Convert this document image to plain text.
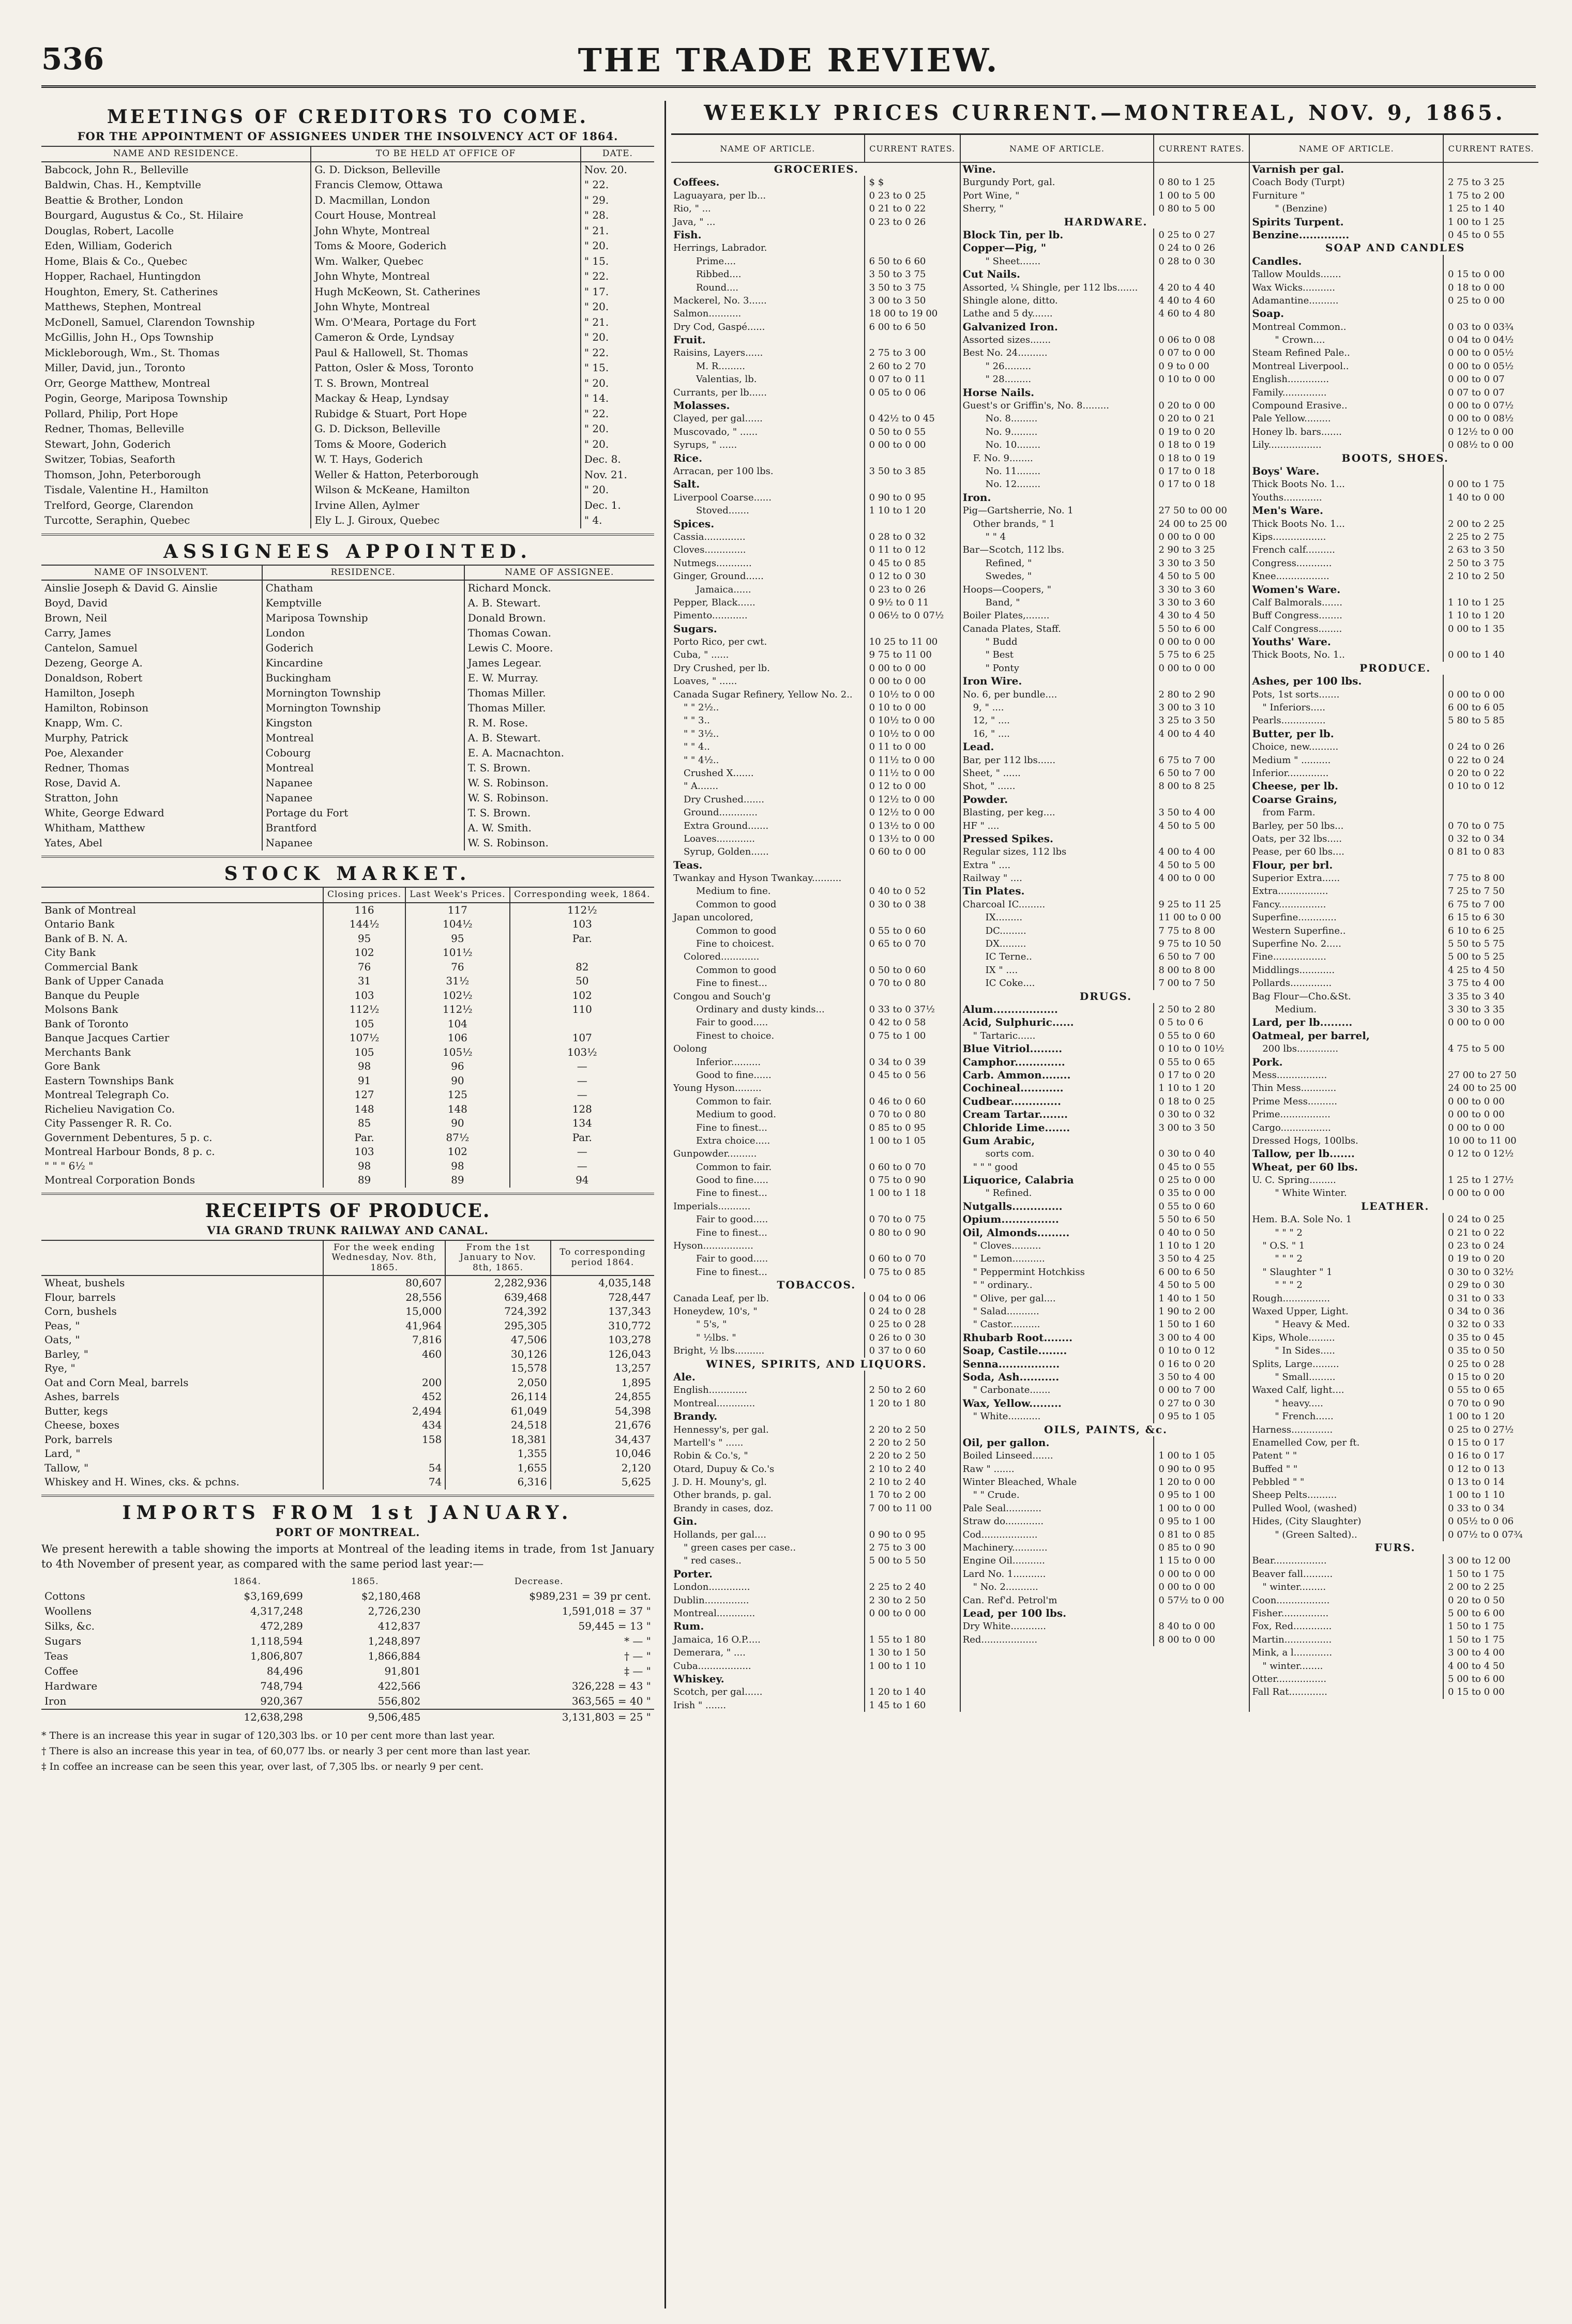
536	THE TRADE REVIEW.
MEETINGS OF CREDITORS TO COME.
FOR THE APPOINTMENT OF ASSIGNEES UNDER THE INSOLVENCY ACT OF 1864.
NAME AND RESIDENCE.	TO BE HELD AT OFFICE OF	DATE.
Babcock, John R., Belleville	G. D. Dickson, Belleville	Nov. 20.
Baldwin, Chas. H., Kemptville	Francis Clemow, Ottawa	" 22.
Beattie & Brother, London	D. Macmillan, London	" 29.
Bourgard, Augustus & Co., St. Hilaire	Court House, Montreal	" 28.
Douglas, Robert, Lacolle	John Whyte, Montreal	" 21.
Eden, William, Goderich	Toms & Moore, Goderich	" 20.
Home, Blais & Co., Quebec	Wm. Walker, Quebec	" 15.
Hopper, Rachael, Huntingdon	John Whyte, Montreal	" 22.
Houghton, Emery, St. Catherines	Hugh McKeown, St. Catherines	" 17.
Matthews, Stephen, Montreal	John Whyte, Montreal	" 20.
McDonell, Samuel, Clarendon Township	Wm. O'Meara, Portage du Fort	" 21.
McGillis, John H., Ops Township	Cameron & Orde, Lyndsay	" 20.
Mickleborough, Wm., St. Thomas	Paul & Hallowell, St. Thomas	" 22.
Miller, David, jun., Toronto	Patton, Osler & Moss, Toronto	" 15.
Orr, George Matthew, Montreal	T. S. Brown, Montreal	" 20.
Pogin, George, Mariposa Township	Mackay & Heap, Lyndsay	" 14.
Pollard, Philip, Port Hope	Rubidge & Stuart, Port Hope	" 22.
Redner, Thomas, Belleville	G. D. Dickson, Belleville	" 20.
Stewart, John, Goderich	Toms & Moore, Goderich	" 20.
Switzer, Tobias, Seaforth	W. T. Hays, Goderich	Dec. 8.
Thomson, John, Peterborough	Weller & Hatton, Peterborough	Nov. 21.
Tisdale, Valentine H., Hamilton	Wilson & McKeane, Hamilton	" 20.
Trelford, George, Clarendon	Irvine Allen, Aylmer	Dec. 1.
Turcotte, Seraphin, Quebec	Ely L. J. Giroux, Quebec	" 4.
ASSIGNEES APPOINTED.
NAME OF INSOLVENT.	RESIDENCE.	NAME OF ASSIGNEE.
Ainslie Joseph & David G. Ainslie	Chatham	Richard Monck.
Boyd, David	Kemptville	A. B. Stewart.
Brown, Neil	Mariposa Township	Donald Brown.
Carry, James	London	Thomas Cowan.
Cantelon, Samuel	Goderich	Lewis C. Moore.
Dezeng, George A.	Kincardine	James Legear.
Donaldson, Robert	Buckingham	E. W. Murray.
Hamilton, Joseph	Mornington Township	Thomas Miller.
Hamilton, Robinson	Mornington Township	Thomas Miller.
Knapp, Wm. C.	Kingston	R. M. Rose.
Murphy, Patrick	Montreal	A. B. Stewart.
Poe, Alexander	Cobourg	E. A. Macnachton.
Redner, Thomas	Montreal	T. S. Brown.
Rose, David A.	Napanee	W. S. Robinson.
Stratton, John	Napanee	W. S. Robinson.
White, George Edward	Portage du Fort	T. S. Brown.
Whitham, Matthew	Brantford	A. W. Smith.
Yates, Abel	Napanee	W. S. Robinson.
STOCK MARKET.
	Closing prices.	Last Week's Prices.	Corresponding week, 1864.
Bank of Montreal	116	117	112½
Ontario Bank	144½	104½	103
Bank of B. N. A.	95	95	Par.
City Bank	102	101½	
Commercial Bank	76	76	82
Bank of Upper Canada	31	31½	50
Banque du Peuple	103	102½	102
Molsons Bank	112½	112½	110
Bank of Toronto	105	104	
Banque Jacques Cartier	107½	106	107
Merchants Bank	105	105½	103½
Gore Bank	98	96	—
Eastern Townships Bank	91	90	—
Montreal Telegraph Co.	127	125	—
Richelieu Navigation Co.	148	148	128
City Passenger R. R. Co.	85	90	134
Government Debentures, 5 p. c.	Par.	87½	Par.
Montreal Harbour Bonds, 8 p. c.	103	102	—
" " " 6½ "	98	98	—
Montreal Corporation Bonds	89	89	94
RECEIPTS OF PRODUCE.
VIA GRAND TRUNK RAILWAY AND CANAL.
	For the week ending Wednesday, Nov. 8th, 1865.	From the 1st January to Nov. 8th, 1865.	To corresponding period 1864.
Wheat, bushels	80,607	2,282,936	4,035,148
Flour, barrels	28,556	639,468	728,447
Corn, bushels	15,000	724,392	137,343
Peas, "	41,964	295,305	310,772
Oats, "	7,816	47,506	103,278
Barley, "	460	30,126	126,043
Rye, "		15,578	13,257
Oat and Corn Meal, barrels	200	2,050	1,895
Ashes, barrels	452	26,114	24,855
Butter, kegs	2,494	61,049	54,398
Cheese, boxes	434	24,518	21,676
Pork, barrels	158	18,381	34,437
Lard, "		1,355	10,046
Tallow, "	54	1,655	2,120
Whiskey and H. Wines, cks. & pchns.	74	6,316	5,625
IMPORTS FROM 1st JANUARY.
PORT OF MONTREAL.

We present herewith a table showing the imports at Montreal of the leading items in trade, from 1st January to 4th November of present year, as compared with the same period last year:—

	1864.	1865.	Decrease.
Cottons	$3,169,699	$2,180,468	$989,231 = 39 pr cent.
Woollens	4,317,248	2,726,230	1,591,018 = 37 "
Silks, &c.	472,289	412,837	59,445 = 13 "
Sugars	1,118,594	1,248,897	* — "
Teas	1,806,807	1,866,884	† — "
Coffee	84,496	91,801	‡ — "
Hardware	748,794	422,566	326,228 = 43 "
Iron	920,367	556,802	363,565 = 40 "
	12,638,298	9,506,485	3,131,803 = 25 "

* There is an increase this year in sugar of 120,303 lbs. or 10 per cent more than last year.

† There is also an increase this year in tea, of 60,077 lbs. or nearly 3 per cent more than last year.

‡ In coffee an increase can be seen this year, over last, of 7,305 lbs. or nearly 9 per cent.

WEEKLY PRICES CURRENT.—MONTREAL, NOV. 9, 1865.
NAME OF ARTICLE.	CURRENT RATES.
GROCERIES.
Coffees.	$ $
Laguayara, per lb...	0 23 to 0 25
Rio, " ...	0 21 to 0 22
Java, " ...	0 23 to 0 26
Fish.
Herrings, Labrador.
Prime....	6 50 to 6 60
Ribbed....	3 50 to 3 75
Round....	3 50 to 3 75
Mackerel, No. 3......	3 00 to 3 50
Salmon...........	18 00 to 19 00
Dry Cod, Gaspé......	6 00 to 6 50
Fruit.
Raisins, Layers......	2 75 to 3 00
M. R.........	2 60 to 2 70
Valentias, lb.	0 07 to 0 11
Currants, per lb......	0 05 to 0 06
Molasses.
Clayed, per gal......	0 42½ to 0 45
Muscovado, " ......	0 50 to 0 55
Syrups, " ......	0 00 to 0 00
Rice.
Arracan, per 100 lbs.	3 50 to 3 85
Salt.
Liverpool Coarse......	0 90 to 0 95
Stoved.......	1 10 to 1 20
Spices.
Cassia..............	0 28 to 0 32
Cloves..............	0 11 to 0 12
Nutmegs............	0 45 to 0 85
Ginger, Ground......	0 12 to 0 30
Jamaica......	0 23 to 0 26
Pepper, Black......	0 9½ to 0 11
Pimento............	0 06½ to 0 07½
Sugars.
Porto Rico, per cwt.	10 25 to 11 00
Cuba, " ......	9 75 to 11 00
Dry Crushed, per lb.	0 00 to 0 00
Loaves, " ......	0 00 to 0 00
Canada Sugar Refinery, Yellow No. 2..	0 10½ to 0 00
" " 2½..	0 10 to 0 00
" " 3..	0 10½ to 0 00
" " 3½..	0 10½ to 0 00
" " 4..	0 11 to 0 00
" " 4½..	0 11½ to 0 00
Crushed X.......	0 11½ to 0 00
" A.......	0 12 to 0 00
Dry Crushed.......	0 12½ to 0 00
Ground.............	0 12½ to 0 00
Extra Ground.......	0 13½ to 0 00
Loaves.............	0 13½ to 0 00
Syrup, Golden......	0 60 to 0 00
Teas.
Twankay and Hyson Twankay..........
Medium to fine.	0 40 to 0 52
Common to good	0 30 to 0 38
Japan uncolored,
Common to good	0 55 to 0 60
Fine to choicest.	0 65 to 0 70
Colored.............
Common to good	0 50 to 0 60
Fine to finest...	0 70 to 0 80
Congou and Souch'g
Ordinary and dusty kinds...	0 33 to 0 37½
Fair to good.....	0 42 to 0 58
Finest to choice.	0 75 to 1 00
Oolong
Inferior..........	0 34 to 0 39
Good to fine......	0 45 to 0 56
Young Hyson.........
Common to fair.	0 46 to 0 60
Medium to good.	0 70 to 0 80
Fine to finest...	0 85 to 0 95
Extra choice.....	1 00 to 1 05
Gunpowder..........
Common to fair.	0 60 to 0 70
Good to fine.....	0 75 to 0 90
Fine to finest...	1 00 to 1 18
Imperials...........
Fair to good.....	0 70 to 0 75
Fine to finest...	0 80 to 0 90
Hyson.................
Fair to good.....	0 60 to 0 70
Fine to finest...	0 75 to 0 85
TOBACCOS.
Canada Leaf, per lb.	0 04 to 0 06
Honeydew, 10's, "	0 24 to 0 28
" 5's, "	0 25 to 0 28
" ½lbs. "	0 26 to 0 30
Bright, ½ lbs..........	0 37 to 0 60
WINES, SPIRITS, AND LIQUORS.
Ale.
English.............	2 50 to 2 60
Montreal.............	1 20 to 1 80
Brandy.
Hennessy's, per gal.	2 20 to 2 50
Martell's " ......	2 20 to 2 50
Robin & Co.'s, "	2 20 to 2 50
Otard, Dupuy & Co.'s	2 10 to 2 40
J. D. H. Mouny's, gl.	2 10 to 2 40
Other brands, p. gal.	1 70 to 2 00
Brandy in cases, doz.	7 00 to 11 00
Gin.
Hollands, per gal....	0 90 to 0 95
" green cases per case..	2 75 to 3 00
" red cases..	5 00 to 5 50
Porter.
London..............	2 25 to 2 40
Dublin...............	2 30 to 2 50
Montreal.............	0 00 to 0 00
Rum.
Jamaica, 16 O.P.....	1 55 to 1 80
Demerara, " ....	1 30 to 1 50
Cuba..................	1 00 to 1 10
Whiskey.
Scotch, per gal......	1 20 to 1 40
Irish " .......	1 45 to 1 60
NAME OF ARTICLE.	CURRENT RATES.
Wine.
Burgundy Port, gal.	0 80 to 1 25
Port Wine, "	1 00 to 5 00
Sherry, "	0 80 to 5 00
HARDWARE.
Block Tin, per lb.	0 25 to 0 27
Copper—Pig, "	0 24 to 0 26
" Sheet.......	0 28 to 0 30
Cut Nails.
Assorted, ¼ Shingle, per 112 lbs.......	4 20 to 4 40
Shingle alone, ditto.	4 40 to 4 60
Lathe and 5 dy.......	4 60 to 4 80
Galvanized Iron.
Assorted sizes.......	0 06 to 0 08
Best No. 24..........	0 07 to 0 00
" 26.........	0 9 to 0 00
" 28.........	0 10 to 0 00
Horse Nails.
Guest's or Griffin's, No. 8.........	0 20 to 0 00
No. 8.........	0 20 to 0 21
No. 9.........	0 19 to 0 20
No. 10........	0 18 to 0 19
F. No. 9........	0 18 to 0 19
No. 11........	0 17 to 0 18
No. 12........	0 17 to 0 18
Iron.
Pig—Gartsherrie, No. 1	27 50 to 00 00
Other brands, " 1	24 00 to 25 00
" " 4	0 00 to 0 00
Bar—Scotch, 112 lbs.	2 90 to 3 25
Refined, "	3 30 to 3 50
Swedes, "	4 50 to 5 00
Hoops—Coopers, "	3 30 to 3 60
Band, "	3 30 to 3 60
Boiler Plates,........	4 30 to 4 50
Canada Plates, Staff.	5 50 to 6 00
" Budd	0 00 to 0 00
" Best	5 75 to 6 25
" Ponty	0 00 to 0 00
Iron Wire.
No. 6, per bundle....	2 80 to 2 90
9, " ....	3 00 to 3 10
12, " ....	3 25 to 3 50
16, " ....	4 00 to 4 40
Lead.
Bar, per 112 lbs......	6 75 to 7 00
Sheet, " ......	6 50 to 7 00
Shot, " ......	8 00 to 8 25
Powder.
Blasting, per keg....	3 50 to 4 00
HF " ....	4 50 to 5 00
Pressed Spikes.
Regular sizes, 112 lbs	4 00 to 4 00
Extra " ....	4 50 to 5 00
Railway " ....	4 00 to 0 00
Tin Plates.
Charcoal IC.........	9 25 to 11 25
IX.........	11 00 to 0 00
DC.........	7 75 to 8 00
DX.........	9 75 to 10 50
IC Terne..	6 50 to 7 00
IX " ....	8 00 to 8 00
IC Coke....	7 00 to 7 50
DRUGS.
Alum..................	2 50 to 2 80
Acid, Sulphuric......	0 5 to 0 6
" Tartaric......	0 55 to 0 60
Blue Vitriol.........	0 10 to 0 10½
Camphor..............	0 55 to 0 65
Carb. Ammon........	0 17 to 0 20
Cochineal............	1 10 to 1 20
Cudbear..............	0 18 to 0 25
Cream Tartar........	0 30 to 0 32
Chloride Lime.......	3 00 to 3 50
Gum Arabic,
sorts com.	0 30 to 0 40
" " " good	0 45 to 0 55
Liquorice, Calabria	0 25 to 0 00
" Refined.	0 35 to 0 00
Nutgalls..............	0 55 to 0 60
Opium................	5 50 to 6 50
Oil, Almonds.........	0 40 to 0 50
" Cloves..........	1 10 to 1 20
" Lemon...........	3 50 to 4 25
" Peppermint Hotchkiss	6 00 to 6 50
" " ordinary..	4 50 to 5 00
" Olive, per gal....	1 40 to 1 50
" Salad...........	1 90 to 2 00
" Castor..........	1 50 to 1 60
Rhubarb Root........	3 00 to 4 00
Soap, Castile........	0 10 to 0 12
Senna.................	0 16 to 0 20
Soda, Ash...........	3 50 to 4 00
" Carbonate.......	0 00 to 7 00
Wax, Yellow.........	0 27 to 0 30
" White...........	0 95 to 1 05
OILS, PAINTS, &c.
Oil, per gallon.
Boiled Linseed.......	1 00 to 1 05
Raw " .......	0 90 to 0 95
Winter Bleached, Whale	1 20 to 0 00
" " Crude.	0 95 to 1 00
Pale Seal............	1 00 to 0 00
Straw do.............	0 95 to 1 00
Cod...................	0 81 to 0 85
Machinery............	0 85 to 0 90
Engine Oil...........	1 15 to 0 00
Lard No. 1...........	0 00 to 0 00
" No. 2...........	0 00 to 0 00
Can. Ref'd. Petrol'm	0 57½ to 0 00
Lead, per 100 lbs.
Dry White............	8 40 to 0 00
Red...................	8 00 to 0 00
NAME OF ARTICLE.	CURRENT RATES.
Varnish per gal.
Coach Body (Turpt)	2 75 to 3 25
Furniture "	1 75 to 2 00
" (Benzine)	1 25 to 1 40
Spirits Turpent.	1 00 to 1 25
Benzine..............	0 45 to 0 55
SOAP AND CANDLES
Candles.
Tallow Moulds.......	0 15 to 0 00
Wax Wicks...........	0 18 to 0 00
Adamantine..........	0 25 to 0 00
Soap.
Montreal Common..	0 03 to 0 03¾
" Crown....	0 04 to 0 04½
Steam Refined Pale..	0 00 to 0 05½
Montreal Liverpool..	0 00 to 0 05½
English..............	0 00 to 0 07
Family...............	0 07 to 0 07
Compound Erasive..	0 00 to 0 07½
Pale Yellow.........	0 00 to 0 08½
Honey lb. bars.......	0 12½ to 0 00
Lily..................	0 08½ to 0 00
BOOTS, SHOES.
Boys' Ware.
Thick Boots No. 1...	0 00 to 1 75
Youths.............	1 40 to 0 00
Men's Ware.
Thick Boots No. 1...	2 00 to 2 25
Kips..................	2 25 to 2 75
French calf..........	2 63 to 3 50
Congress............	2 50 to 3 75
Knee..................	2 10 to 2 50
Women's Ware.
Calf Balmorals.......	1 10 to 1 25
Buff Congress........	1 10 to 1 20
Calf Congress........	0 00 to 1 35
Youths' Ware.
Thick Boots, No. 1..	0 00 to 1 40
PRODUCE.
Ashes, per 100 lbs.
Pots, 1st sorts.......	0 00 to 0 00
" Inferiors.....	6 00 to 6 05
Pearls...............	5 80 to 5 85
Butter, per lb.
Choice, new..........	0 24 to 0 26
Medium " ..........	0 22 to 0 24
Inferior..............	0 20 to 0 22
Cheese, per lb.	0 10 to 0 12
Coarse Grains,
from Farm.
Barley, per 50 lbs...	0 70 to 0 75
Oats, per 32 lbs.....	0 32 to 0 34
Pease, per 60 lbs....	0 81 to 0 83
Flour, per brl.
Superior Extra......	7 75 to 8 00
Extra.................	7 25 to 7 50
Fancy................	6 75 to 7 00
Superfine.............	6 15 to 6 30
Western Superfine..	6 10 to 6 25
Superfine No. 2.....	5 50 to 5 75
Fine..................	5 00 to 5 25
Middlings............	4 25 to 4 50
Pollards..............	3 75 to 4 00
Bag Flour—Cho.&St.	3 35 to 3 40
Medium.	3 30 to 3 35
Lard, per lb.........	0 00 to 0 00
Oatmeal, per barrel,
200 lbs..............	4 75 to 5 00
Pork.
Mess.................	27 00 to 27 50
Thin Mess............	24 00 to 25 00
Prime Mess..........	0 00 to 0 00
Prime.................	0 00 to 0 00
Cargo.................	0 00 to 0 00
Dressed Hogs, 100lbs.	10 00 to 11 00
Tallow, per lb.......	0 12 to 0 12½
Wheat, per 60 lbs.
U. C. Spring.........	1 25 to 1 27½
" White Winter.	0 00 to 0 00
LEATHER.
Hem. B.A. Sole No. 1	0 24 to 0 25
" " " 2	0 21 to 0 22
" O.S. " 1	0 23 to 0 24
" " " 2	0 19 to 0 20
" Slaughter " 1	0 30 to 0 32½
" " " 2	0 29 to 0 30
Rough................	0 31 to 0 33
Waxed Upper, Light.	0 34 to 0 36
" Heavy & Med.	0 32 to 0 33
Kips, Whole.........	0 35 to 0 45
" In Sides.....	0 35 to 0 50
Splits, Large.........	0 25 to 0 28
" Small.........	0 15 to 0 20
Waxed Calf, light....	0 55 to 0 65
" heavy.....	0 70 to 0 90
" French......	1 00 to 1 20
Harness..............	0 25 to 0 27½
Enamelled Cow, per ft.	0 15 to 0 17
Patent " "	0 16 to 0 17
Buffed " "	0 12 to 0 13
Pebbled " "	0 13 to 0 14
Sheep Pelts..........	1 00 to 1 10
Pulled Wool, (washed)	0 33 to 0 34
Hides, (City Slaughter)	0 05½ to 0 06
" (Green Salted)..	0 07½ to 0 07¾
FURS.
Bear..................	3 00 to 12 00
Beaver fall..........	1 50 to 1 75
" winter.........	2 00 to 2 25
Coon..................	0 20 to 0 50
Fisher................	5 00 to 6 00
Fox, Red.............	1 50 to 1 75
Martin................	1 50 to 1 75
Mink, a l.............	3 00 to 4 00
" winter........	4 00 to 4 50
Otter.................	5 00 to 6 00
Fall Rat.............	0 15 to 0 00
